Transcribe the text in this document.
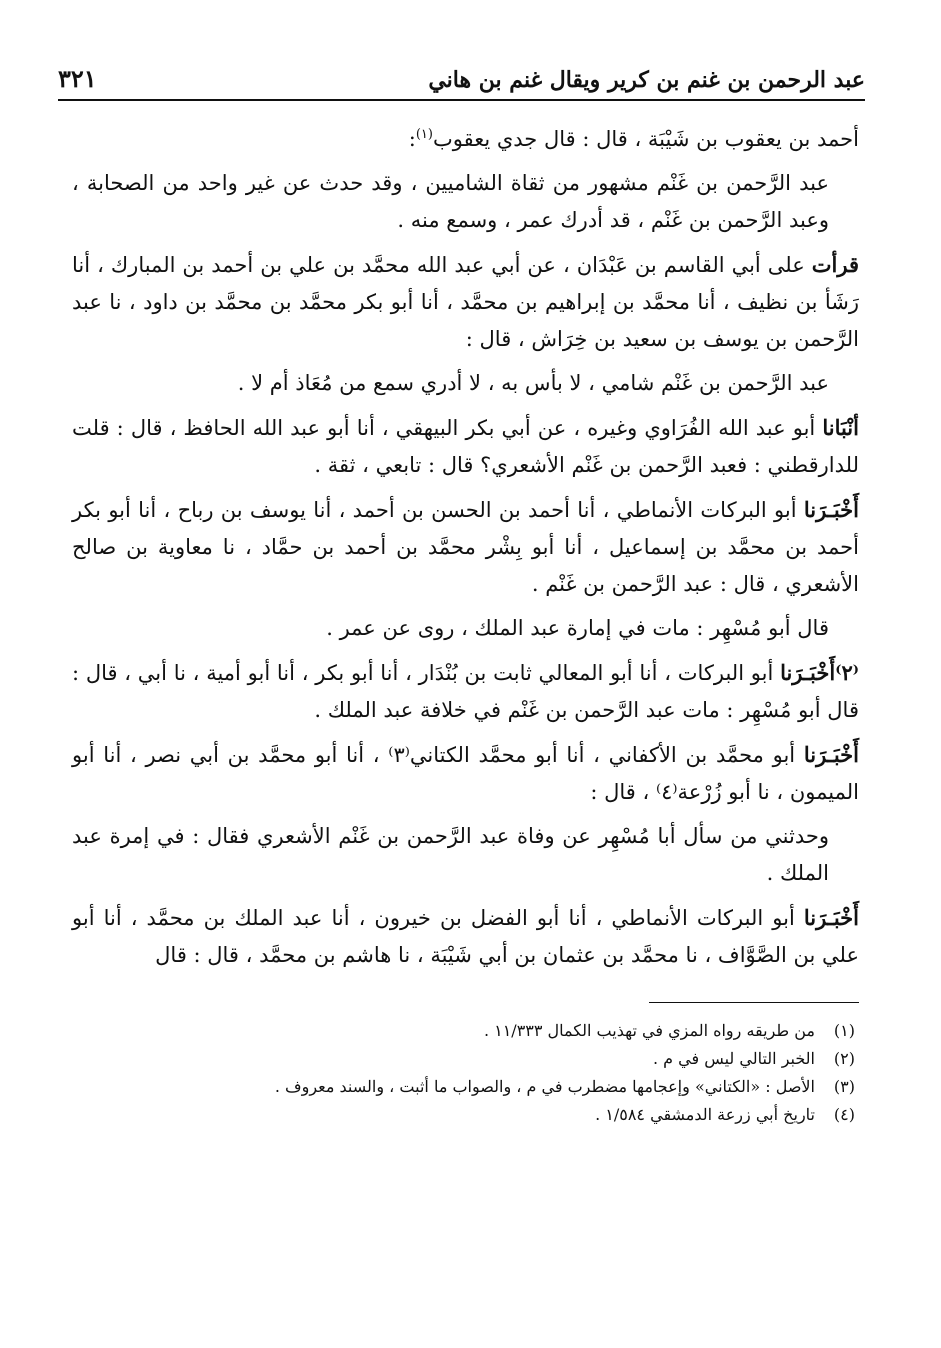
عبد الرحمن بن غنم بن كرير ويقال غنم بن هاني
٣٢١

أحمد بن يعقوب بن شَيْبَة ، قال : قال جدي يعقوب$^{(١)}$:

عبد الرَّحمن بن غَنْم مشهور من ثقاة الشاميين ، وقد حدث عن غير واحد من الصحابة ، وعبد الرَّحمن بن غَنْم ، قد أدرك عمر ، وسمع منه .

قرأت على أبي القاسم بن عَبْدَان ، عن أبي عبد الله محمَّد بن علي بن أحمد بن المبارك ، أنا رَشَأ بن نظيف ، أنا محمَّد بن إبراهيم بن محمَّد ، أنا أبو بكر محمَّد بن محمَّد بن داود ، نا عبد الرَّحمن بن يوسف بن سعيد بن خِرَاش ، قال :

عبد الرَّحمن بن غَنْم شامي ، لا بأس به ، لا أدري سمع من مُعَاذ أم لا .

أنْبَانا أبو عبد الله الفُرَاوي وغيره ، عن أبي بكر البيهقي ، أنا أبو عبد الله الحافظ ، قال : قلت للدارقطني : فعبد الرَّحمن بن غَنْم الأشعري؟ قال : تابعي ، ثقة .

أَخْبَـرَنا أبو البركات الأنماطي ، أنا أحمد بن الحسن بن أحمد ، أنا يوسف بن رباح ، أنا أبو بكر أحمد بن محمَّد بن إسماعيل ، أنا أبو بِشْر محمَّد بن أحمد بن حمَّاد ، نا معاوية بن صالح الأشعري ، قال : عبد الرَّحمن بن غَنْم .

قال أبو مُسْهِر : مات في إمارة عبد الملك ، روى عن عمر .

⁽٢⁾أَخْبَـرَنا أبو البركات ، أنا أبو المعالي ثابت بن بُنْدَار ، أنا أبو بكر ، أنا أبو أمية ، نا أبي ، قال : قال أبو مُسْهِر : مات عبد الرَّحمن بن غَنْم في خلافة عبد الملك .

أَخْبَـرَنا أبو محمَّد بن الأكفاني ، أنا أبو محمَّد الكتاني⁽٣⁾ ، أنا أبو محمَّد بن أبي نصر ، أنا أبو الميمون ، نا أبو زُرْعة⁽٤⁾ ، قال :

وحدثني من سأل أبا مُسْهِر عن وفاة عبد الرَّحمن بن غَنْم الأشعري فقال : في إمرة عبد الملك .

أَخْبَـرَنا أبو البركات الأنماطي ، أنا أبو الفضل بن خيرون ، أنا عبد الملك بن محمَّد ، أنا أبو علي بن الصَّوَّاف ، نا محمَّد بن عثمان بن أبي شَيْبَة ، نا هاشم بن محمَّد ، قال : قال

(١)
من طريقه رواه المزي في تهذيب الكمال ١١/٣٣٣ .
(٢)
الخبر التالي ليس في م .
(٣)
الأصل : «الكتاني» وإعجامها مضطرب في م ، والصواب ما أثبت ، والسند معروف .
(٤)
تاريخ أبي زرعة الدمشقي ١/٥٨٤ .
